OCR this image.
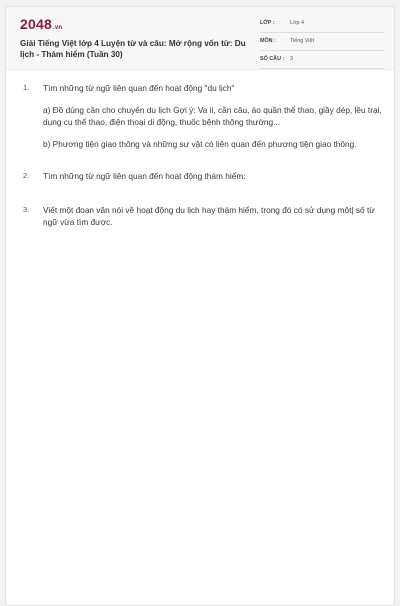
2048.vn
Giải Tiếng Việt lớp 4 Luyện từ và câu: Mở rộng vốn từ: Du lịch - Thám hiểm (Tuần 30)
LỚP :	Lớp 4
MÔN :	Tiếng Việt
SỐ CÂU : 3
1. Tìm những từ ngữ liên quan đến hoạt động "du lịch"
a) Đồ dùng cần cho chuyến du lịch Gợi ý: Va li, cần câu, áo quần thể thao, giầy dép, lều trại, dụng cụ thể thao, điện thoại di động, thuốc bệnh thông thường...
b) Phương tiện giao thông và những sự vật có liên quan đến phương tiện giao thông.
2. Tìm những từ ngữ liên quan đến hoạt động thám hiểm:
3. Viết một đoạn văn nói về hoạt động du lịch hay thám hiểm, trong đó có sử dụng một| số từ ngữ vừa tìm được.
